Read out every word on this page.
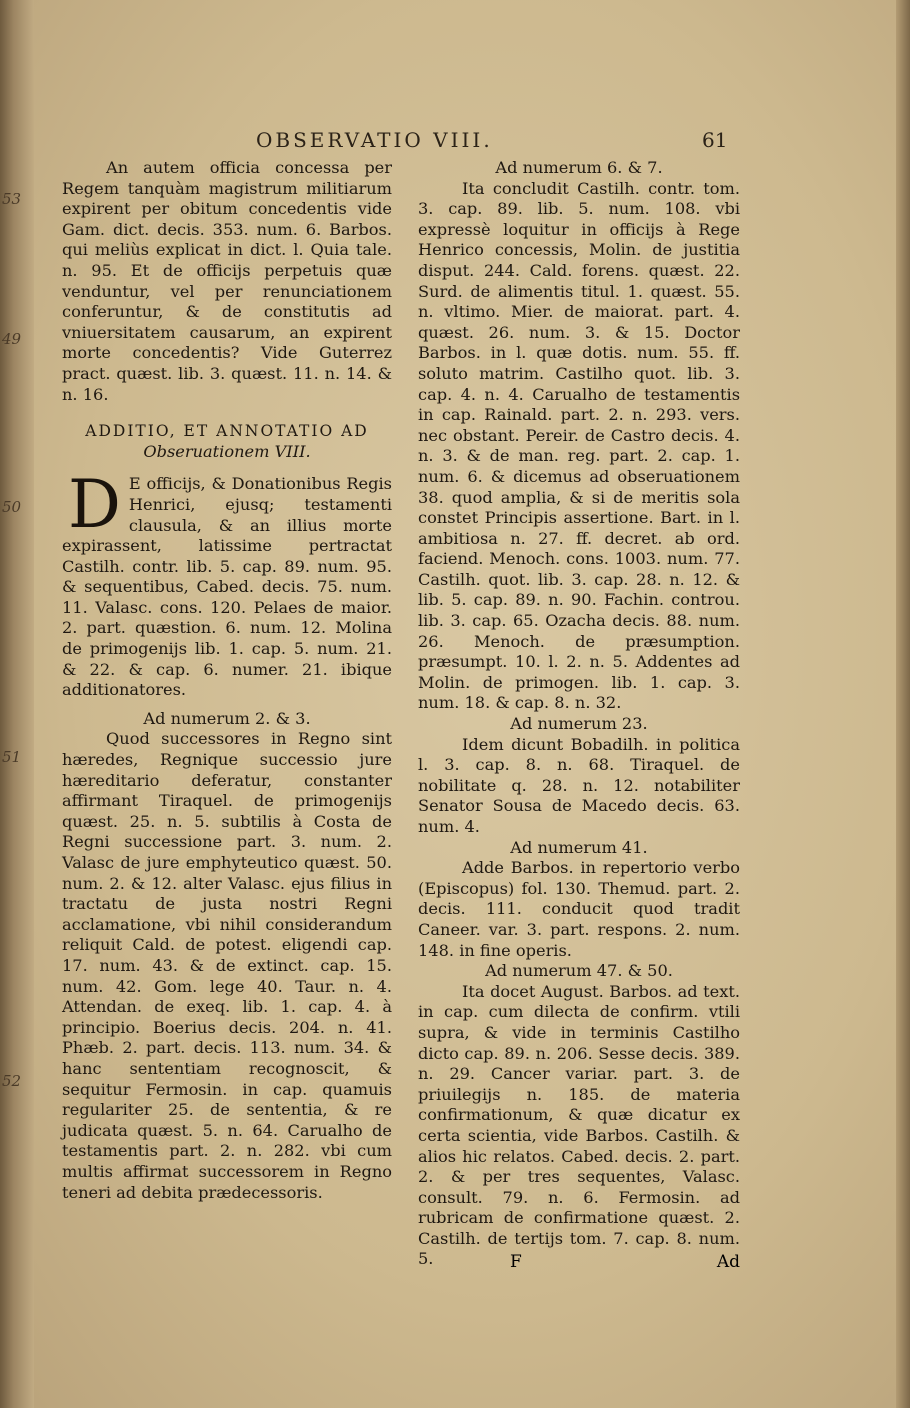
53
49
50
51
52
OBSERVATIO VIII.	61

An autem officia concessa per Regem tanquàm magistrum militiarum expirent per obitum concedentis vide Gam. dict. decis. 353. num. 6. Barbos. qui meliùs explicat in dict. l. Quia tale. n. 95. Et de officijs perpetuis quæ venduntur, vel per renunciationem conferuntur, & de constitutis ad vniuersitatem causarum, an expirent morte concedentis? Vide Guterrez pract. quæst. lib. 3. quæst. 11. n. 14. & n. 16.

ADDITIO, ET ANNOTATIO AD

Obseruationem VIII.

D E officijs, & Donationibus Regis Henrici, ejusq; testamenti clausula, & an illius morte expirassent, latissime pertractat Castilh. contr. lib. 5. cap. 89. num. 95. & sequentibus, Cabed. decis. 75. num. 11. Valasc. cons. 120. Pelaes de maior. 2. part. quæstion. 6. num. 12. Molina de primogenijs lib. 1. cap. 5. num. 21. & 22. & cap. 6. numer. 21. ibique additionatores.

Ad numerum 2. & 3.

Quod successores in Regno sint hæredes, Regnique successio jure hæreditario deferatur, constanter affirmant Tiraquel. de primogenijs quæst. 25. n. 5. subtilis à Costa de Regni successione part. 3. num. 2. Valasc de jure emphyteutico quæst. 50. num. 2. & 12. alter Valasc. ejus filius in tractatu de justa nostri Regni acclamatione, vbi nihil considerandum reliquit Cald. de potest. eligendi cap. 17. num. 43. & de extinct. cap. 15. num. 42. Gom. lege 40. Taur. n. 4. Attendan. de exeq. lib. 1. cap. 4. à principio. Boerius decis. 204. n. 41. Phæb. 2. part. decis. 113. num. 34. & hanc sententiam recognoscit, & sequitur Fermosin. in cap. quamuis regulariter 25. de sententia, & re judicata quæst. 5. n. 64. Carualho de testamentis part. 2. n. 282. vbi cum multis affirmat successorem in Regno teneri ad debita prædecessoris.

Ad numerum 6. & 7.

Ita concludit Castilh. contr. tom. 3. cap. 89. lib. 5. num. 108. vbi expressè loquitur in officijs à Rege Henrico concessis, Molin. de justitia disput. 244. Cald. forens. quæst. 22. Surd. de alimentis titul. 1. quæst. 55. n. vltimo. Mier. de maiorat. part. 4. quæst. 26. num. 3. & 15. Doctor Barbos. in l. quæ dotis. num. 55. ff. soluto matrim. Castilho quot. lib. 3. cap. 4. n. 4. Carualho de testamentis in cap. Rainald. part. 2. n. 293. vers. nec obstant. Pereir. de Castro decis. 4. n. 3. & de man. reg. part. 2. cap. 1. num. 6. & dicemus ad obseruationem 38. quod amplia, & si de meritis sola constet Principis assertione. Bart. in l. ambitiosa n. 27. ff. decret. ab ord. faciend. Menoch. cons. 1003. num. 77. Castilh. quot. lib. 3. cap. 28. n. 12. & lib. 5. cap. 89. n. 90. Fachin. controu. lib. 3. cap. 65. Ozacha decis. 88. num. 26. Menoch. de præsumption. præsumpt. 10. l. 2. n. 5. Addentes ad Molin. de primogen. lib. 1. cap. 3. num. 18. & cap. 8. n. 32.

Ad numerum 23.

Idem dicunt Bobadilh. in politica l. 3. cap. 8. n. 68. Tiraquel. de nobilitate q. 28. n. 12. notabiliter Senator Sousa de Macedo decis. 63. num. 4.

Ad numerum 41.

Adde Barbos. in repertorio verbo (Episcopus) fol. 130. Themud. part. 2. decis. 111. conducit quod tradit Caneer. var. 3. part. respons. 2. num. 148. in fine operis.

Ad numerum 47. & 50.

Ita docet August. Barbos. ad text. in cap. cum dilecta de confirm. vtili supra, & vide in terminis Castilho dicto cap. 89. n. 206. Sesse decis. 389. n. 29. Cancer variar. part. 3. de priuilegijs n. 185. de materia confirmationum, & quæ dicatur ex certa scientia, vide Barbos. Castilh. & alios hic relatos. Cabed. decis. 2. part. 2. & per tres sequentes, Valasc. consult. 79. n. 6. Fermosin. ad rubricam de confirmatione quæst. 2. Castilh. de tertijs tom. 7. cap. 8. num. 5.	F	Ad
